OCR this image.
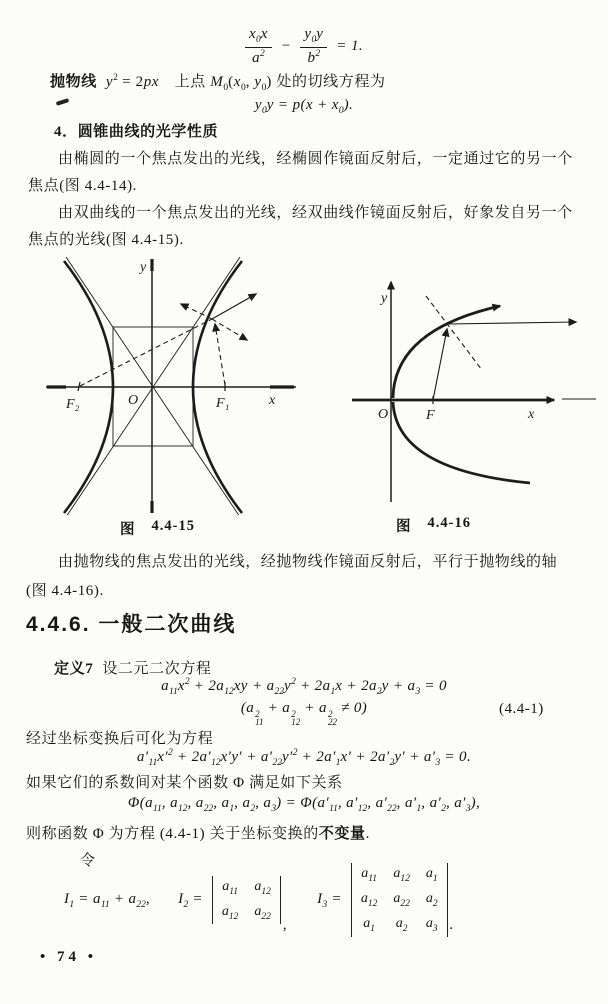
$\frac{x_0x}{a^2} - \frac{y_0y}{b^2} = 1$.
抛物线 $y^2 = 2px$　上点 $M_0(x_0$, $y_0$) 处的切线方程为
$y_0y = p(x + x_0)$.
4．圆锥曲线的光学性质
由椭圆的一个焦点发出的光线，经椭圆作镜面反射后，一定通过它的另一个
焦点(图 4.4-14).
由双曲线的一个焦点发出的光线，经双曲线作镜面反射后，好象发自另一个
焦点的光线(图 4.4-15).
y
x
O	F₁
F₂
y
x
O	F
图 4.4-15	图 4.4-16
由抛物线的焦点发出的光线，经抛物线作镜面反射后，平行于抛物线的轴
(图 4.4-16).
4.4.6. 一般二次曲线
定义7 设二元二次方程
$a_{11}x^2 + 2a_{12}xy + a_{22}y^2 + 2a_1x + 2a_2y + a_3 = 0$
(a 2
11
+ a 2
12
+ a 2
22
≠ 0)	(4.4-1)
经过坐标变换后可化为方程
$a'_{11}x'^2 + 2a'_{12}x'y' + a'_{22}y'^2 + 2a'_1x' + 2a'_2y' + a'_3 = 0$.
如果它们的系数间对某个函数 Φ 满足如下关系
$\Phi(a_{11}$, $a_{12}$, $a_{22}$, $a_1$, $a_2$, $a_3) = \Phi(a'_{11}$, $a'_{12}$, $a'_{22}$, $a'_1$, $a'_2$, $a'_3$),
则称函数 Φ 为方程 (4.4-1) 关于坐标变换的不变量.
令
$I_1 = a_{11} + a_{22}$, $I_2$ =
$a_{11}$ $a_{12}$
$a_{12}$ $a_{22}$
,
$I_3$ =
$a_{11}$ $a_{12}$ $a_1$
$a_{12}$ $a_{22}$ $a_2$
$a_1$ $a_2$ $a_3$ .
• 74 •
